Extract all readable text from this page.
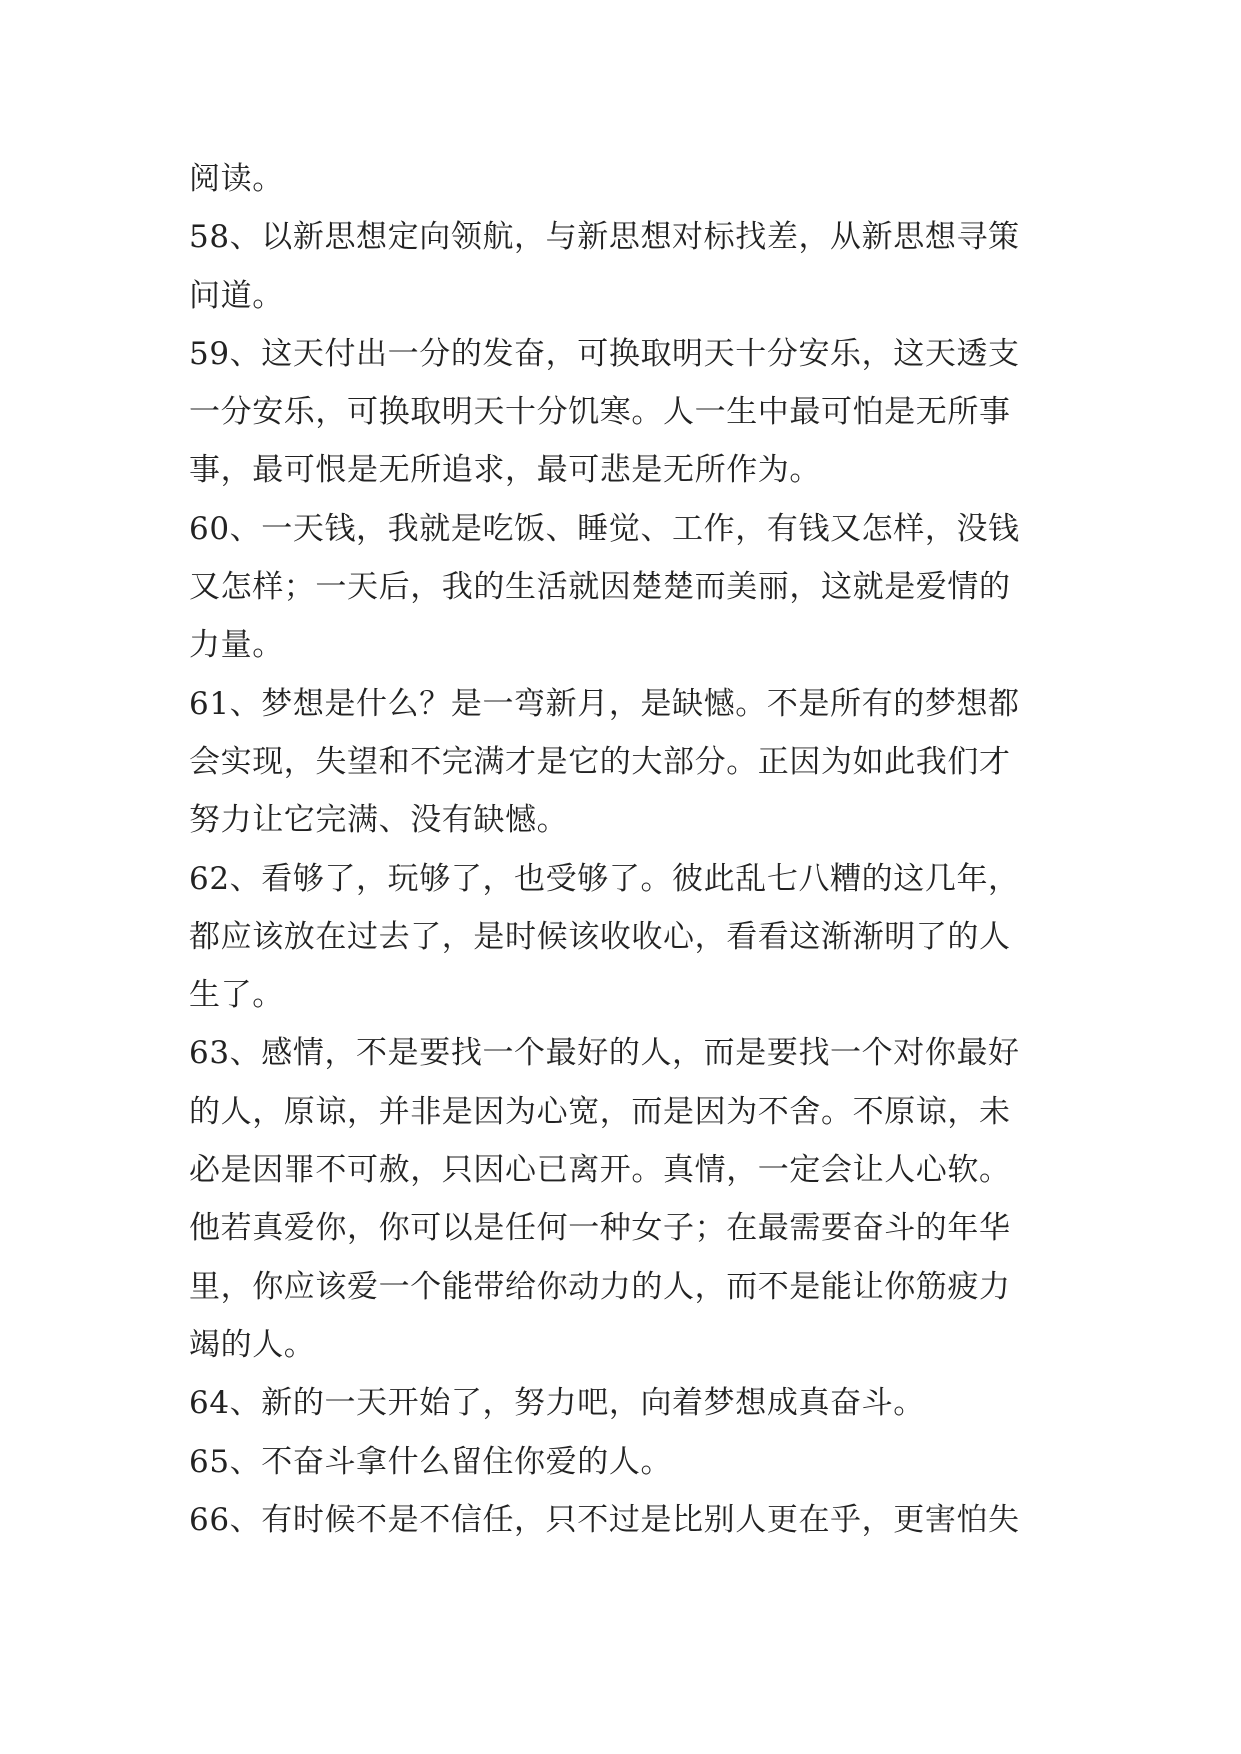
阅读。
58、以新思想定向领航，与新思想对标找差，从新思想寻策
问道。
59、这天付出一分的发奋，可换取明天十分安乐，这天透支
一分安乐，可换取明天十分饥寒。人一生中最可怕是无所事
事，最可恨是无所追求，最可悲是无所作为。
60、一天钱，我就是吃饭、睡觉、工作，有钱又怎样，没钱
又怎样；一天后，我的生活就因楚楚而美丽，这就是爱情的
力量。
61、梦想是什么？是一弯新月，是缺憾。不是所有的梦想都
会实现，失望和不完满才是它的大部分。正因为如此我们才
努力让它完满、没有缺憾。
62、看够了，玩够了，也受够了。彼此乱七八糟的这几年，
都应该放在过去了，是时候该收收心，看看这渐渐明了的人
生了。
63、感情，不是要找一个最好的人，而是要找一个对你最好
的人，原谅，并非是因为心宽，而是因为不舍。不原谅，未
必是因罪不可赦，只因心已离开。真情，一定会让人心软。
他若真爱你，你可以是任何一种女子；在最需要奋斗的年华
里，你应该爱一个能带给你动力的人，而不是能让你筋疲力
竭的人。
64、新的一天开始了，努力吧，向着梦想成真奋斗。
65、不奋斗拿什么留住你爱的人。
66、有时候不是不信任，只不过是比别人更在乎，更害怕失
